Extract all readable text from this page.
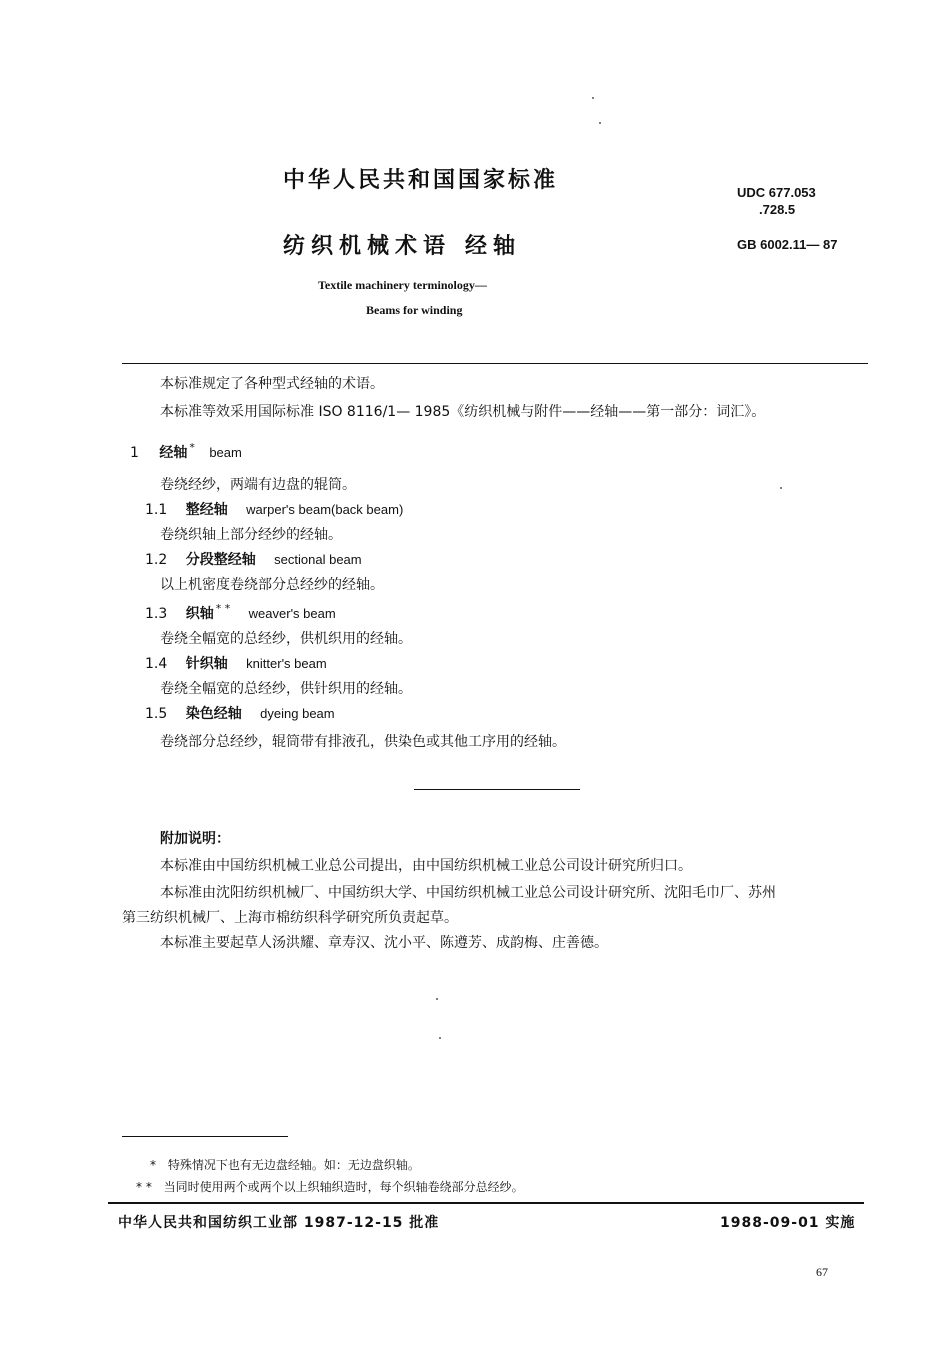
中华人民共和国国家标准
纺织机械术语 经轴
Textile machinery terminology—
Beams for winding
UDC 677.053
.728.5
GB 6002.11— 87
本标准规定了各种型式经轴的术语。
本标准等效采用国际标准 ISO 8116/1— 1985《纺织机械与附件——经轴——第一部分：词汇》。
1 经轴 * beam
卷绕经纱，两端有边盘的辊筒。
1.1 整经轴 warper's beam(back beam)
卷绕织轴上部分经纱的经轴。
1.2 分段整经轴 sectional beam
以上机密度卷绕部分总经纱的经轴。
1.3 织轴 * * weaver's beam
卷绕全幅宽的总经纱，供机织用的经轴。
1.4 针织轴 knitter's beam
卷绕全幅宽的总经纱，供针织用的经轴。
1.5 染色经轴 dyeing beam
卷绕部分总经纱，辊筒带有排液孔，供染色或其他工序用的经轴。
附加说明：
本标准由中国纺织机械工业总公司提出，由中国纺织机械工业总公司设计研究所归口。
本标准由沈阳纺织机械厂、中国纺织大学、中国纺织机械工业总公司设计研究所、沈阳毛巾厂、苏州
第三纺织机械厂、上海市棉纺织科学研究所负责起草。
本标准主要起草人汤洪耀、章寿汉、沈小平、陈遵芳、成韵梅、庄善德。
* 特殊情况下也有无边盘经轴。如：无边盘织轴。
* * 当同时使用两个或两个以上织轴织造时，每个织轴卷绕部分总经纱。
中华人民共和国纺织工业部 1987-12-15 批准	1988-09-01 实施
67
